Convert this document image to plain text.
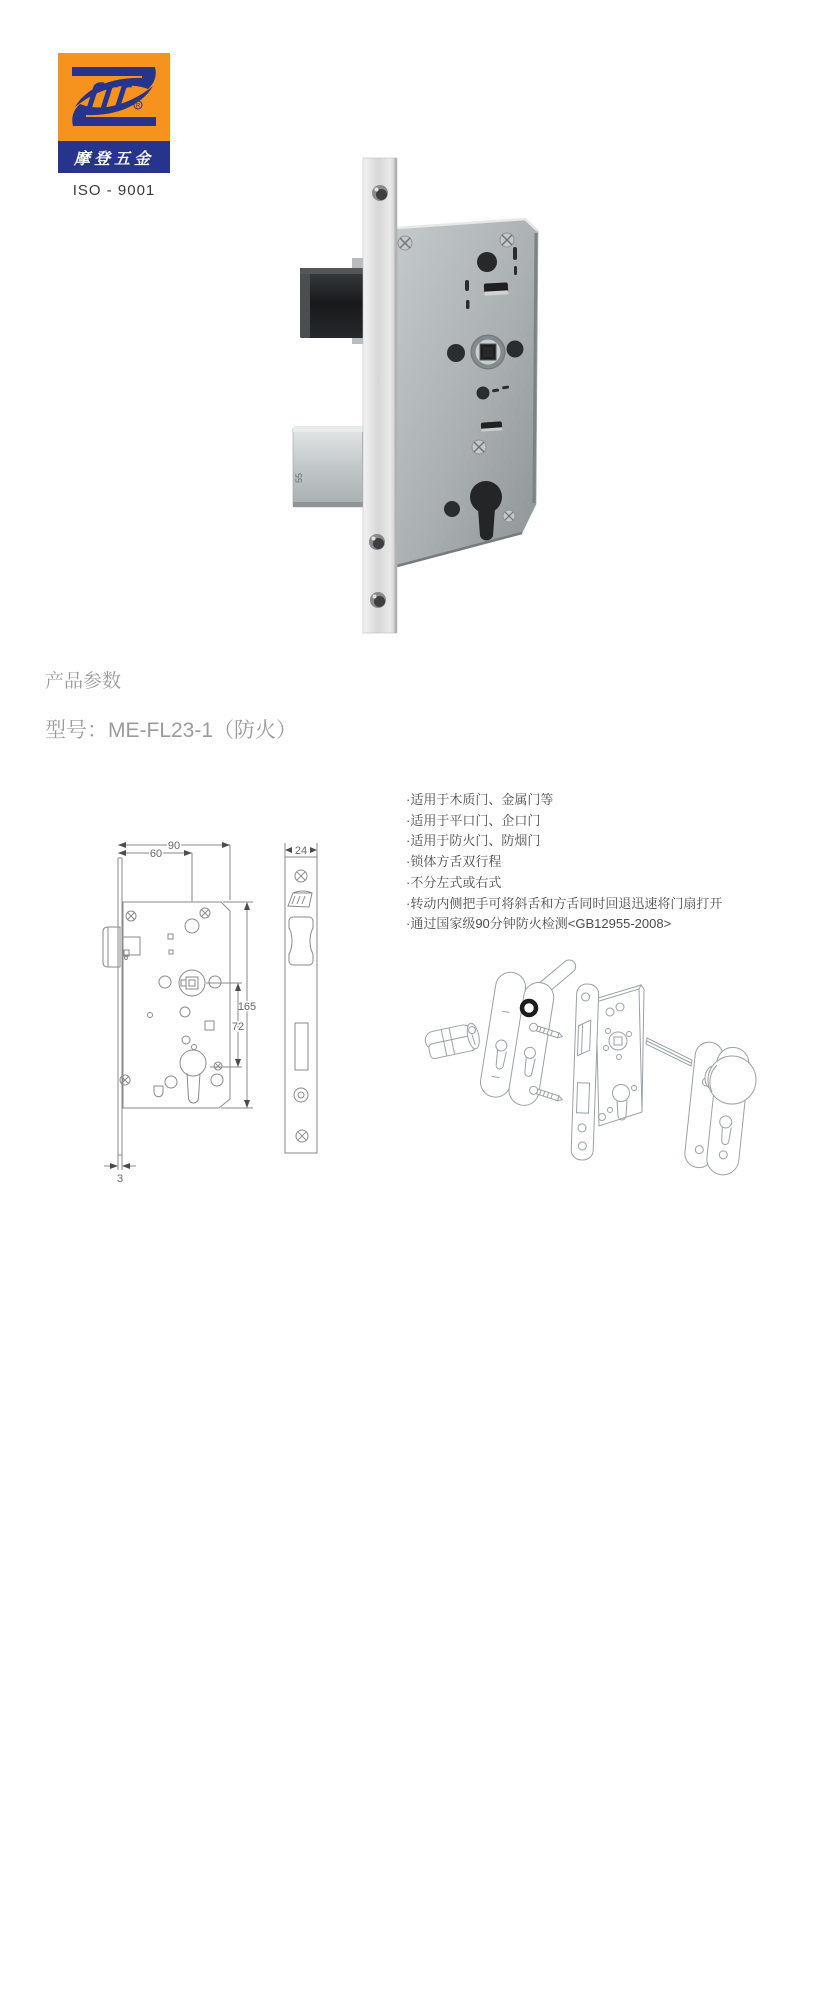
R
摩登五金
ISO - 9001
55
产品参数
型号：ME-FL23-1（防火）
90
60
165
72
3
24
·适用于木质门、金属门等
·适用于平口门、企口门
·适用于防火门、防烟门
·锁体方舌双行程
·不分左式或右式
·转动内侧把手可将斜舌和方舌同时回退迅速将门扇打开
·通过国家级90分钟防火检测<GB12955-2008>
